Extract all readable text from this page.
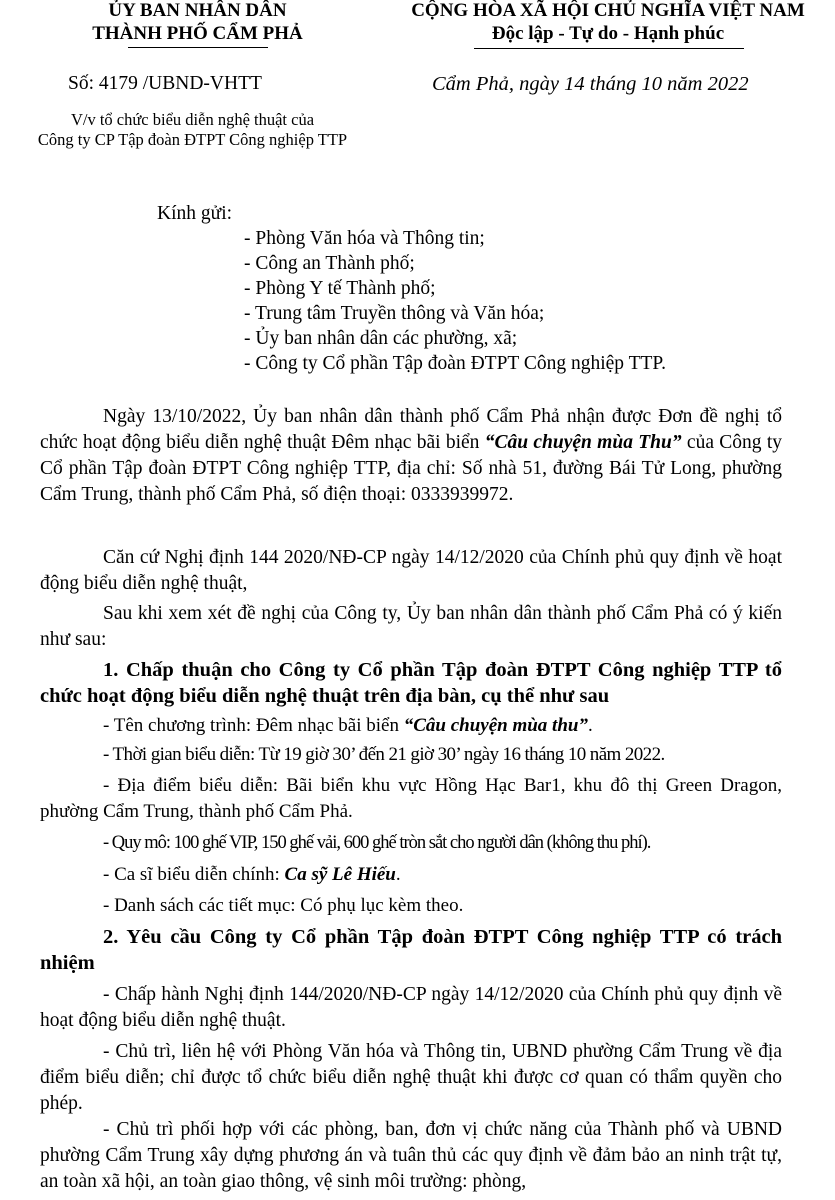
ỦY BAN NHÂN DÂN
THÀNH PHỐ CẨM PHẢ
CỘNG HÒA XÃ HỘI CHỦ NGHĨA VIỆT NAM
Độc lập - Tự do - Hạnh phúc
Số: 4179 /UBND-VHTT	Cẩm Phả, ngày 14 tháng 10 năm 2022
V/v tổ chức biểu diễn nghệ thuật của
Công ty CP Tập đoàn ĐTPT Công nghiệp TTP
Kính gửi:
- Phòng Văn hóa và Thông tin;
- Công an Thành phố;
- Phòng Y tế Thành phố;
- Trung tâm Truyền thông và Văn hóa;
- Ủy ban nhân dân các phường, xã;
- Công ty Cổ phần Tập đoàn ĐTPT Công nghiệp TTP.
Ngày 13/10/2022, Ủy ban nhân dân thành phố Cẩm Phả nhận được Đơn đề nghị tổ chức hoạt động biểu diễn nghệ thuật Đêm nhạc bãi biển “Câu chuyện mùa Thu” của Công ty Cổ phần Tập đoàn ĐTPT Công nghiệp TTP, địa chỉ: Số nhà 51, đường Bái Tử Long, phường Cẩm Trung, thành phố Cẩm Phả, số điện thoại: 0333939972.
Căn cứ Nghị định 144 2020/NĐ-CP ngày 14/12/2020 của Chính phủ quy định về hoạt động biểu diễn nghệ thuật,
Sau khi xem xét đề nghị của Công ty, Ủy ban nhân dân thành phố Cẩm Phả có ý kiến như sau:
1. Chấp thuận cho Công ty Cổ phần Tập đoàn ĐTPT Công nghiệp TTP tổ chức hoạt động biểu diễn nghệ thuật trên địa bàn, cụ thể như sau
- Tên chương trình: Đêm nhạc bãi biển “Câu chuyện mùa thu”.
- Thời gian biểu diễn: Từ 19 giờ 30’ đến 21 giờ 30’ ngày 16 tháng 10 năm 2022.
- Địa điểm biểu diễn: Bãi biển khu vực Hồng Hạc Bar1, khu đô thị Green Dragon, phường Cẩm Trung, thành phố Cẩm Phả.
- Quy mô: 100 ghế VIP, 150 ghế vải, 600 ghế tròn sắt cho người dân (không thu phí).
- Ca sĩ biểu diễn chính: Ca sỹ Lê Hiếu.
- Danh sách các tiết mục: Có phụ lục kèm theo.
2. Yêu cầu Công ty Cổ phần Tập đoàn ĐTPT Công nghiệp TTP có trách nhiệm
- Chấp hành Nghị định 144/2020/NĐ-CP ngày 14/12/2020 của Chính phủ quy định về hoạt động biểu diễn nghệ thuật.
- Chủ trì, liên hệ với Phòng Văn hóa và Thông tin, UBND phường Cẩm Trung về địa điểm biểu diễn; chỉ được tổ chức biểu diễn nghệ thuật khi được cơ quan có thẩm quyền cho phép.
- Chủ trì phối hợp với các phòng, ban, đơn vị chức năng của Thành phố và UBND phường Cẩm Trung xây dựng phương án và tuân thủ các quy định về đảm bảo an ninh trật tự, an toàn xã hội, an toàn giao thông, vệ sinh môi trường: phòng,
